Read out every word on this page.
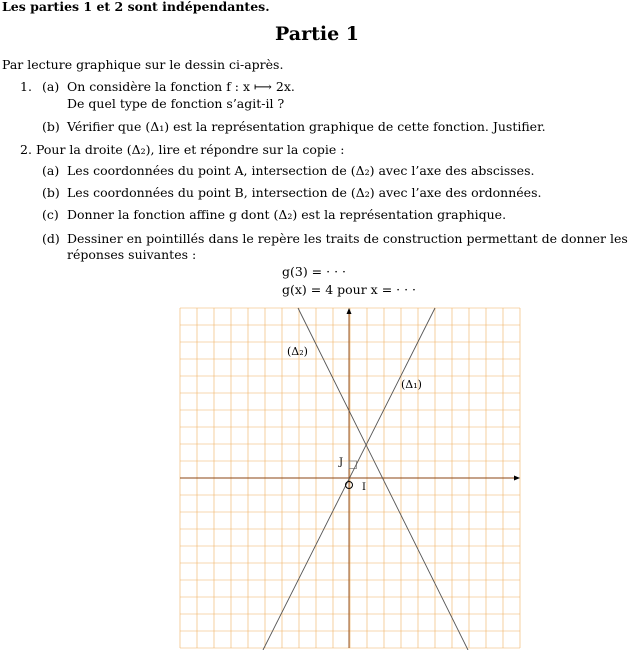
Les parties 1 et 2 sont indépendantes.
Partie 1
Par lecture graphique sur le dessin ci-après.
1. (a) On considère la fonction f : x ⟼ 2x.
De quel type de fonction s’agit-il ?
(b) Vérifier que (Δ₁) est la représentation graphique de cette fonction. Justifier.
2. Pour la droite (Δ₂), lire et répondre sur la copie :
(a) Les coordonnées du point A, intersection de (Δ₂) avec l’axe des abscisses.
(b) Les coordonnées du point B, intersection de (Δ₂) avec l’axe des ordonnées.
(c) Donner la fonction affine g dont (Δ₂) est la représentation graphique.
(d) Dessiner en pointillés dans le repère les traits de construction permettant de donner les
réponses suivantes :
g(3) = · · ·
g(x) = 4 pour x = · · ·
(Δ₂)
(Δ₁)
J
I
